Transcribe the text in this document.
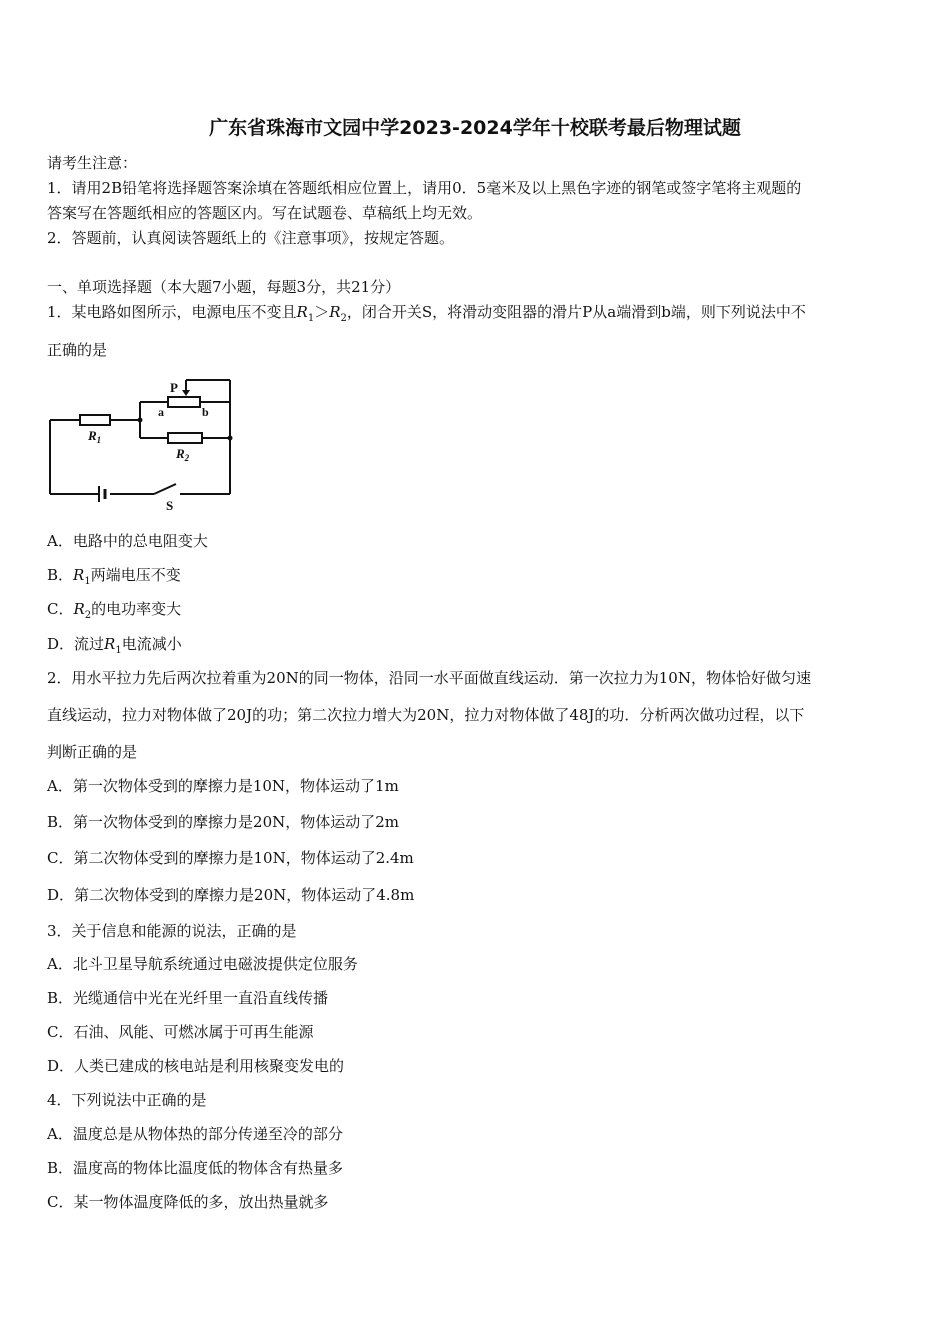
广东省珠海市文园中学2023-2024学年十校联考最后物理试题
请考生注意：
1．请用2B铅笔将选择题答案涂填在答题纸相应位置上，请用0．5毫米及以上黑色字迹的钢笔或签字笔将主观题的
答案写在答题纸相应的答题区内。写在试题卷、草稿纸上均无效。
2．答题前，认真阅读答题纸上的《注意事项》，按规定答题。
一、单项选择题（本大题7小题，每题3分，共21分）
1．某电路如图所示，电源电压不变且$R_1>R_2$，闭合开关S，将滑动变阻器的滑片P从a端滑到b端，则下列说法中不
正确的是
P
a	b
$R_1$
$R_2$
S
A．电路中的总电阻变大
B．$R_1$两端电压不变
C．$R_2$的电功率变大
D．流过$R_1$电流减小
2．用水平拉力先后两次拉着重为20N的同一物体，沿同一水平面做直线运动．第一次拉力为10N，物体恰好做匀速
直线运动，拉力对物体做了20J的功；第二次拉力增大为20N，拉力对物体做了48J的功．分析两次做功过程，以下
判断正确的是
A．第一次物体受到的摩擦力是10N，物体运动了1m
B．第一次物体受到的摩擦力是20N，物体运动了2m
C．第二次物体受到的摩擦力是10N，物体运动了2.4m
D．第二次物体受到的摩擦力是20N，物体运动了4.8m
3．关于信息和能源的说法，正确的是
A．北斗卫星导航系统通过电磁波提供定位服务
B．光缆通信中光在光纤里一直沿直线传播
C．石油、风能、可燃冰属于可再生能源
D．人类已建成的核电站是利用核聚变发电的
4．下列说法中正确的是
A．温度总是从物体热的部分传递至冷的部分
B．温度高的物体比温度低的物体含有热量多
C．某一物体温度降低的多，放出热量就多
